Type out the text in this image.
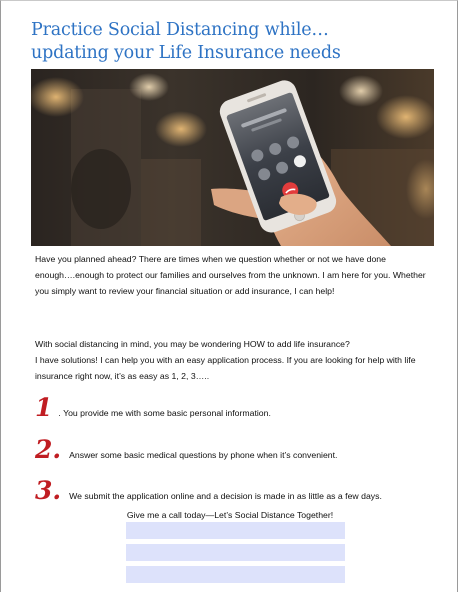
Practice Social Distancing while…
updating your Life Insurance needs
Have you planned ahead? There are times when we question whether or not we have done enough….enough to protect our families and ourselves from the unknown. I am here for you. Whether you simply want to review your financial situation or add insurance, I can help!
With social distancing in mind, you may be wondering HOW to add life insurance?
I have solutions! I can help you with an easy application process. If you are looking for help with life insurance right now, it’s as easy as 1, 2, 3…..
1 . You provide me with some basic personal information.
2. Answer some basic medical questions by phone when it’s convenient.
3. We submit the application online and a decision is made in as little as a few days.
Give me a call today—Let’s Social Distance Together!
